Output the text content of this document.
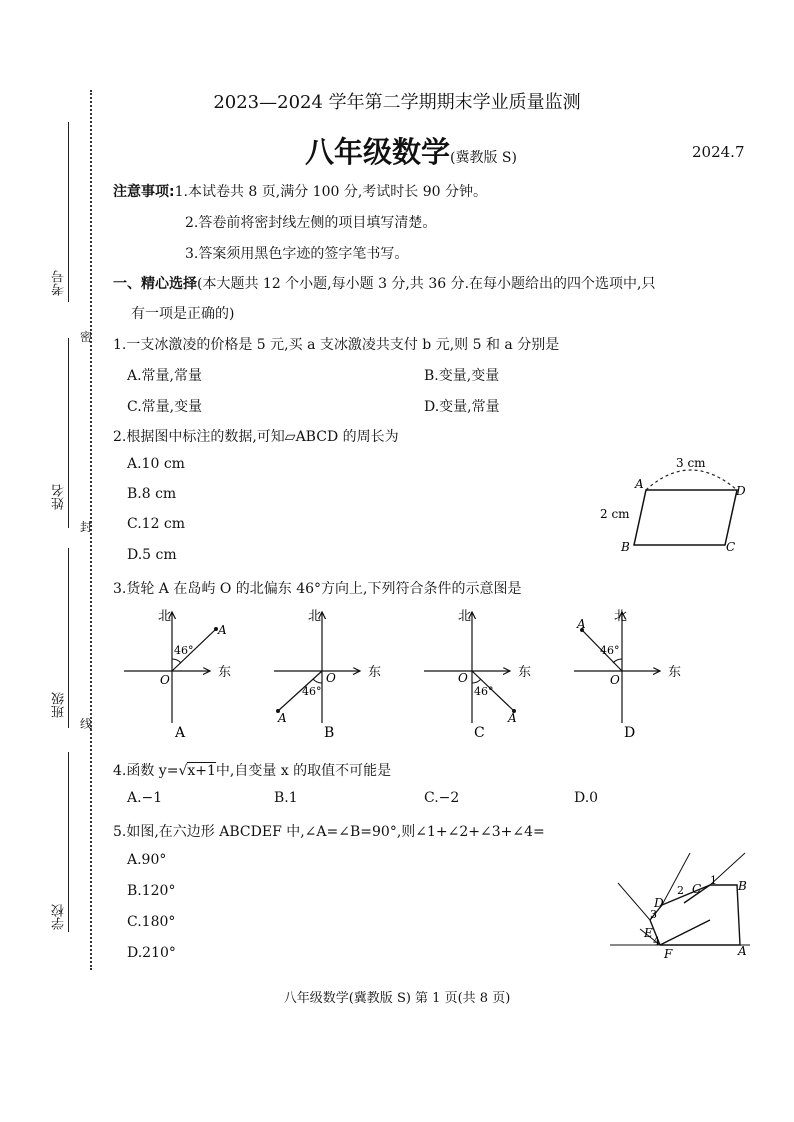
考号
姓名
班级
学校
密
封
线
2023—2024 学年第二学期期末学业质量监测
八年级数学(冀教版 S)	2024.7
注意事项:1.本试卷共 8 页,满分 100 分,考试时长 90 分钟。
2.答卷前将密封线左侧的项目填写清楚。
3.答案须用黑色字迹的签字笔书写。
一、精心选择(本大题共 12 个小题,每小题 3 分,共 36 分.在每小题给出的四个选项中,只
有一项是正确的)
1.一支冰激凌的价格是 5 元,买 a 支冰激凌共支付 b 元,则 5 和 a 分别是
A.常量,常量	B.变量,变量
C.常量,变量	D.变量,常量
2.根据图中标注的数据,可知▱ABCD 的周长为
A.10 cm
B.8 cm
C.12 cm
D.5 cm
3 cm
2 cm
A	D
B	C
3.货轮 A 在岛屿 O 的北偏东 46°方向上,下列符合条件的示意图是
北
东
46°
O
A
A
北
东
46°
O
A
B
北
东
46°
O
A
C
北
东
46°
O
A
D
4.函数 y=√x+1中,自变量 x 的取值不可能是
A.−1	B.1	C.−2	D.0
5.如图,在六边形 ABCDEF 中,∠A=∠B=90°,则∠1+∠2+∠3+∠4=
A.90°
B.120°
C.180°
D.210°
B
A
C
D
E
F
1
2
3
4
八年级数学(冀教版 S) 第 1 页(共 8 页)
